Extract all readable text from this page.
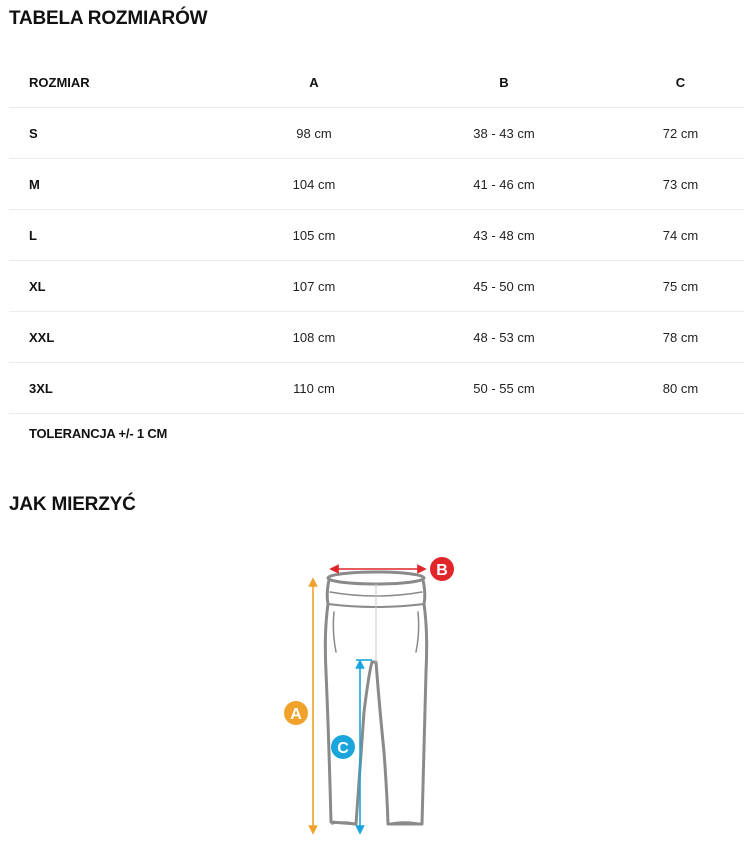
TABELA ROZMIARÓW
ROZMIAR	A	B	C
S	98 cm	38 - 43 cm	72 cm
M	104 cm	41 - 46 cm	73 cm
L	105 cm	43 - 48 cm	74 cm
XL	107 cm	45 - 50 cm	75 cm
XXL	108 cm	48 - 53 cm	78 cm
3XL	110 cm	50 - 55 cm	80 cm
TOLERANCJA +/- 1 CM
JAK MIERZYĆ
B
A
C
